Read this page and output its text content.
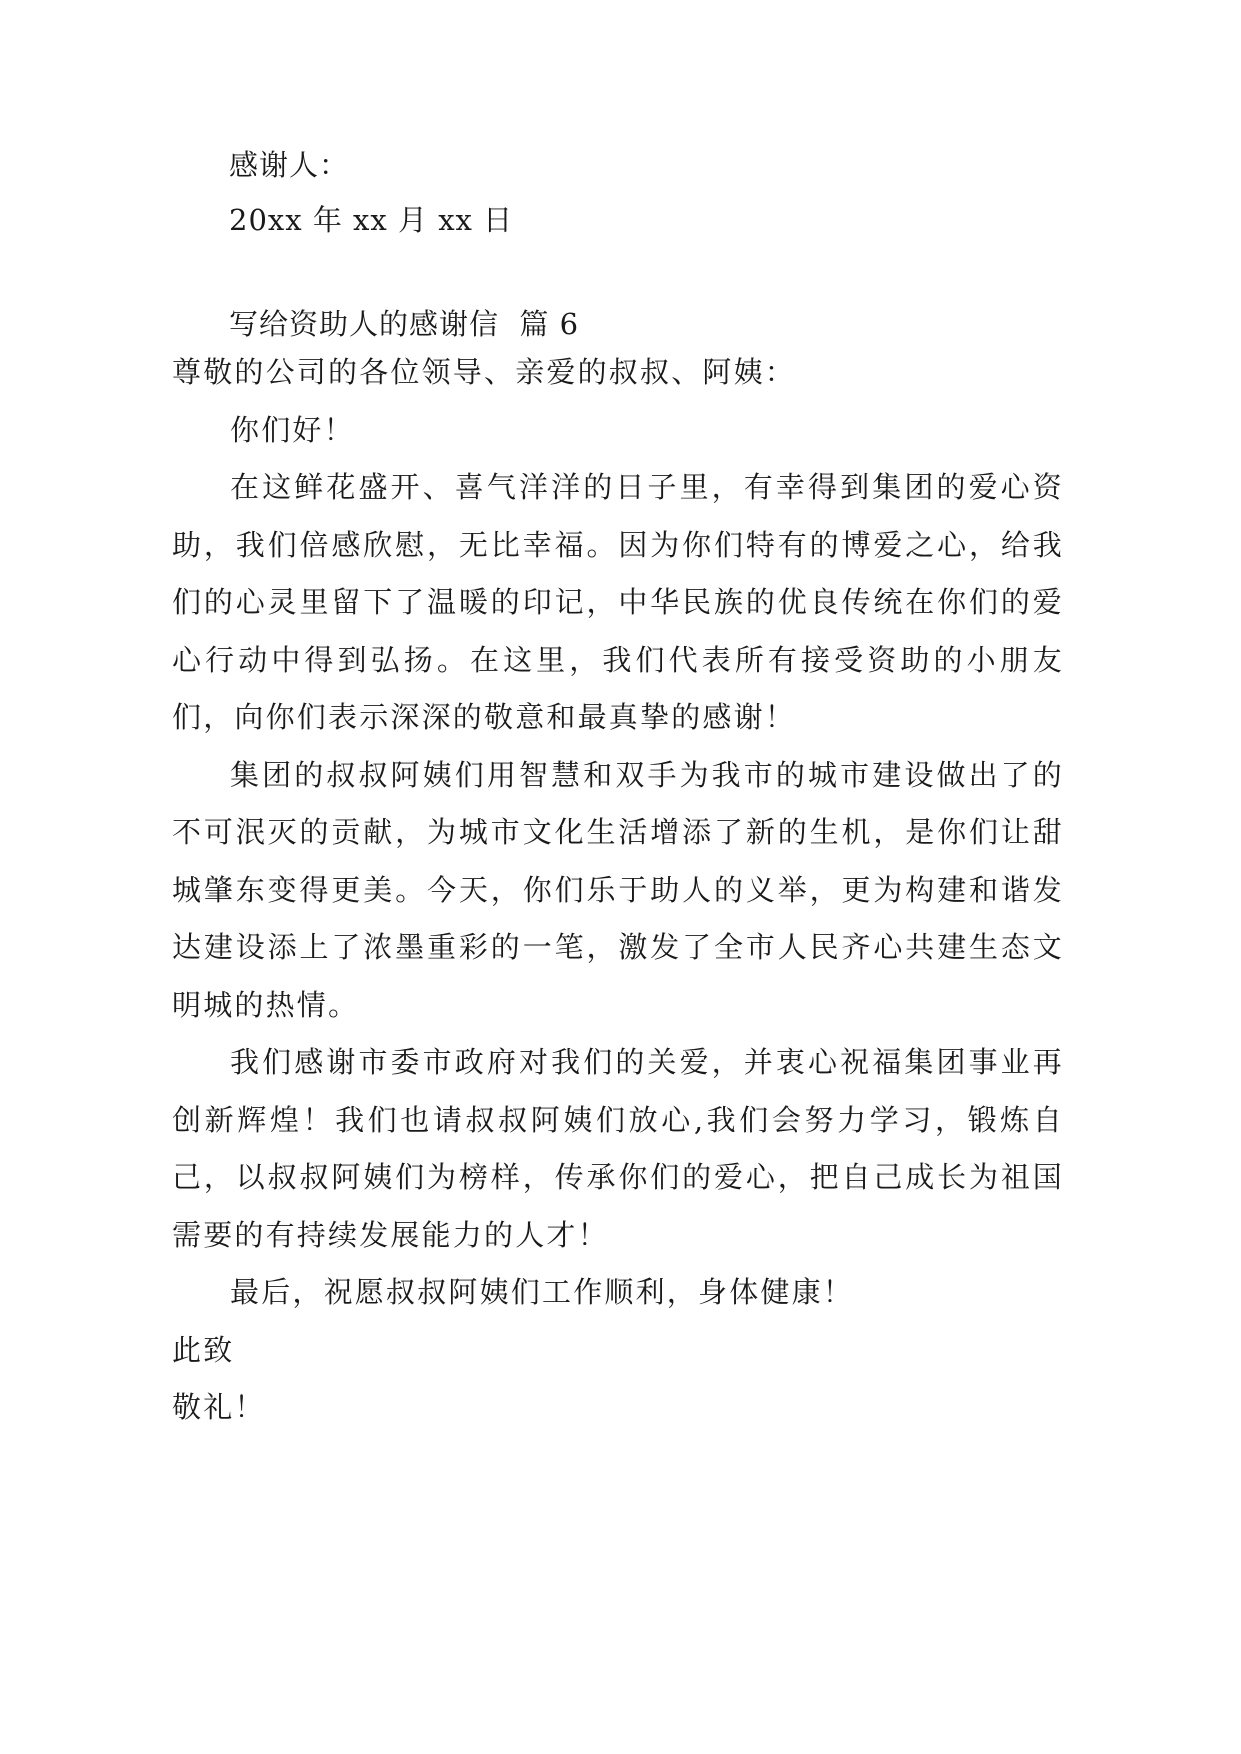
感谢人：
20xx 年 xx 月 xx 日
写给资助人的感谢信  篇 6

尊敬的公司的各位领导、亲爱的叔叔、阿姨：

你们好！

在这鲜花盛开、喜气洋洋的日子里，有幸得到集团的爱心资助，我们倍感欣慰，无比幸福。因为你们特有的博爱之心，给我们的心灵里留下了温暖的印记，中华民族的优良传统在你们的爱心行动中得到弘扬。在这里，我们代表所有接受资助的小朋友们，向你们表示深深的敬意和最真挚的感谢！

集团的叔叔阿姨们用智慧和双手为我市的城市建设做出了的不可泯灭的贡献，为城市文化生活增添了新的生机，是你们让甜城肇东变得更美。今天，你们乐于助人的义举，更为构建和谐发达建设添上了浓墨重彩的一笔，激发了全市人民齐心共建生态文明城的热情。

我们感谢市委市政府对我们的关爱，并衷心祝福集团事业再创新辉煌！我们也请叔叔阿姨们放心,我们会努力学习，锻炼自己，以叔叔阿姨们为榜样，传承你们的爱心，把自己成长为祖国需要的有持续发展能力的人才！

最后，祝愿叔叔阿姨们工作顺利，身体健康！

此致

敬礼！
